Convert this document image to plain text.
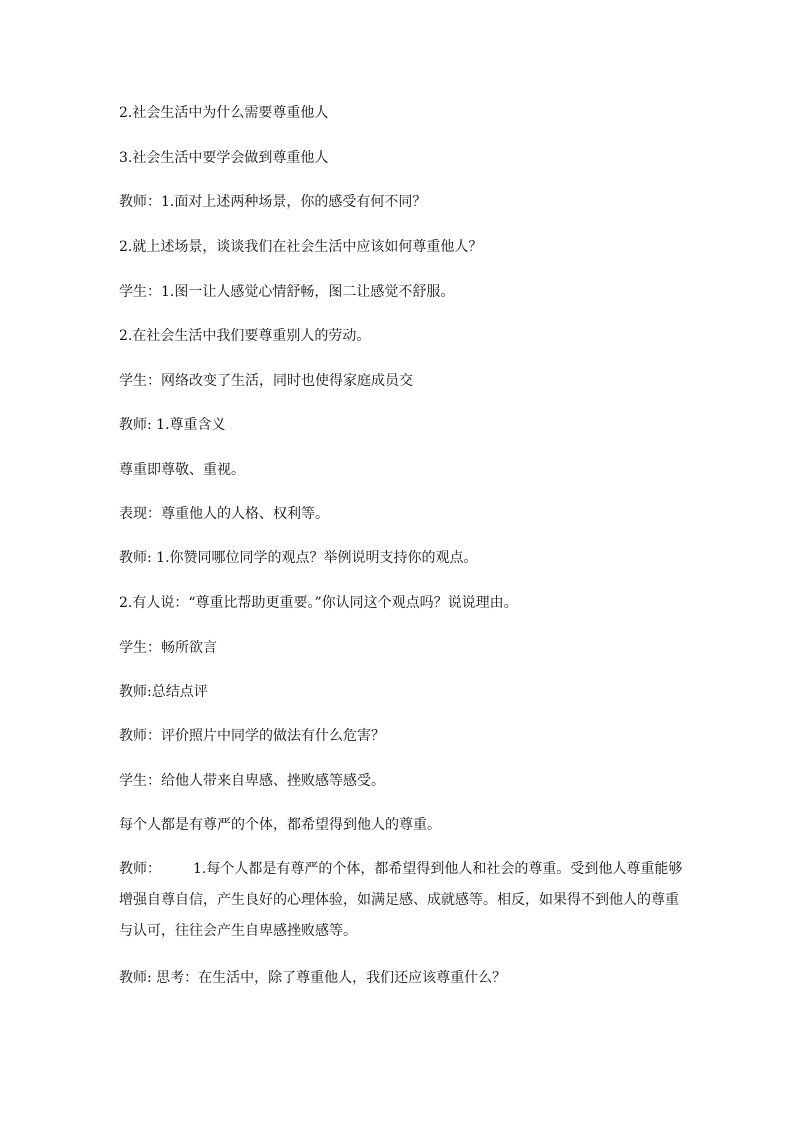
2.社会生活中为什么需要尊重他人
3.社会生活中要学会做到尊重他人
教师：1.面对上述两种场景，你的感受有何不同？
2.就上述场景，谈谈我们在社会生活中应该如何尊重他人？
学生：1.图一让人感觉心情舒畅，图二让感觉不舒服。
2.在社会生活中我们要尊重别人的劳动。
学生：网络改变了生活，同时也使得家庭成员交
教师: 1.尊重含义
尊重即尊敬、重视。
表现：尊重他人的人格、权利等。
教师: 1.你赞同哪位同学的观点？举例说明支持你的观点。
2.有人说：“尊重比帮助更重要。”你认同这个观点吗？说说理由。
学生：畅所欲言
教师:总结点评
教师：评价照片中同学的做法有什么危害？
学生：给他人带来自卑感、挫败感等感受。
每个人都是有尊严的个体，都希望得到他人的尊重。
教师： 1.每个人都是有尊严的个体，都希望得到他人和社会的尊重。受到他人尊重能够
增强自尊自信，产生良好的心理体验，如满足感、成就感等。相反，如果得不到他人的尊重
与认可，往往会产生自卑感挫败感等。
教师: 思考：在生活中，除了尊重他人，我们还应该尊重什么？
